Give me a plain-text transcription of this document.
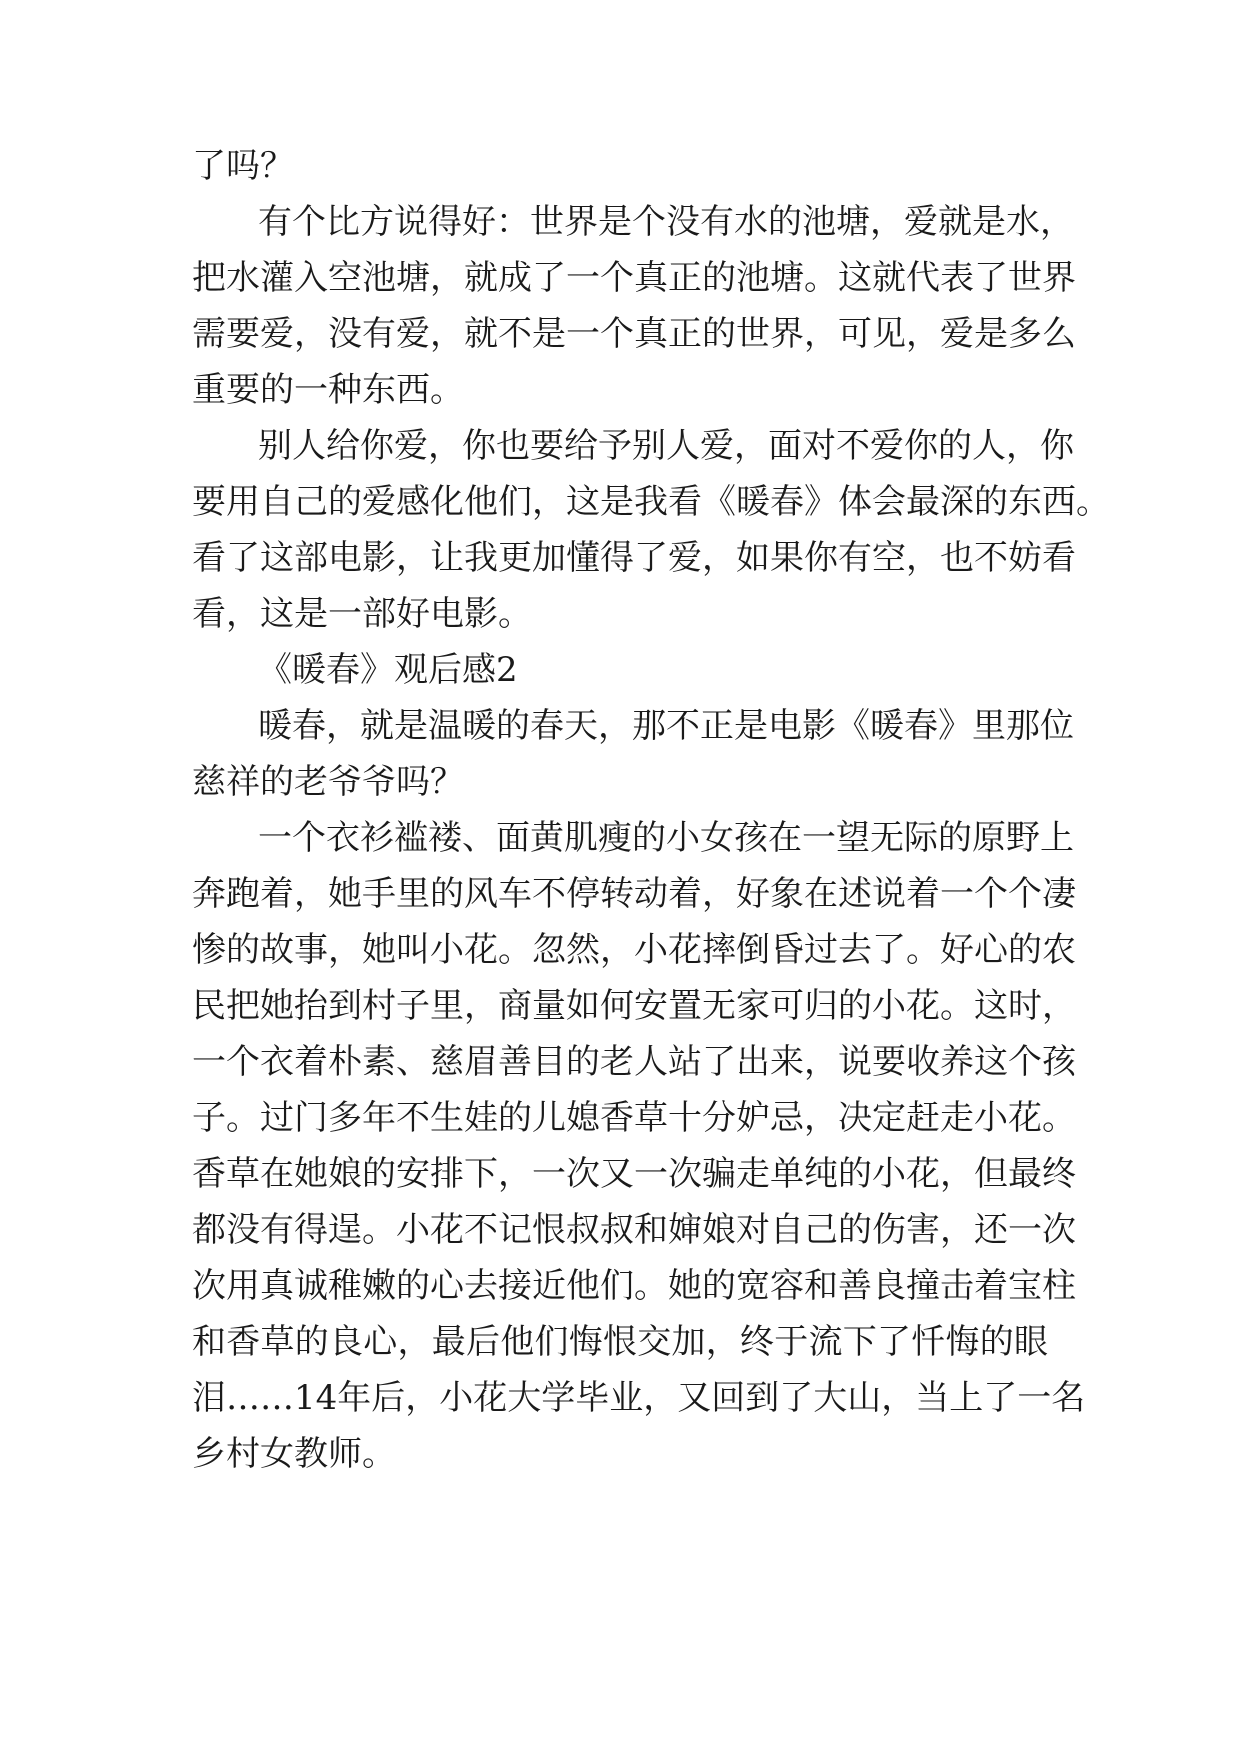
了吗？
有个比方说得好：世界是个没有水的池塘，爱就是水，
把水灌入空池塘，就成了一个真正的池塘。这就代表了世界
需要爱，没有爱，就不是一个真正的世界，可见，爱是多么
重要的一种东西。
别人给你爱，你也要给予别人爱，面对不爱你的人，你
要用自己的爱感化他们，这是我看《暖春》体会最深的东西。
看了这部电影，让我更加懂得了爱，如果你有空，也不妨看
看，这是一部好电影。
《暖春》观后感2
暖春，就是温暖的春天，那不正是电影《暖春》里那位
慈祥的老爷爷吗？
一个衣衫褴褛、面黄肌瘦的小女孩在一望无际的原野上
奔跑着，她手里的风车不停转动着，好象在述说着一个个凄
惨的故事，她叫小花。忽然，小花摔倒昏过去了。好心的农
民把她抬到村子里，商量如何安置无家可归的小花。这时，
一个衣着朴素、慈眉善目的老人站了出来，说要收养这个孩
子。过门多年不生娃的儿媳香草十分妒忌，决定赶走小花。
香草在她娘的安排下，一次又一次骗走单纯的小花，但最终
都没有得逞。小花不记恨叔叔和婶娘对自己的伤害，还一次
次用真诚稚嫩的心去接近他们。她的宽容和善良撞击着宝柱
和香草的良心，最后他们悔恨交加，终于流下了忏悔的眼
泪……14年后，小花大学毕业，又回到了大山，当上了一名
乡村女教师。
